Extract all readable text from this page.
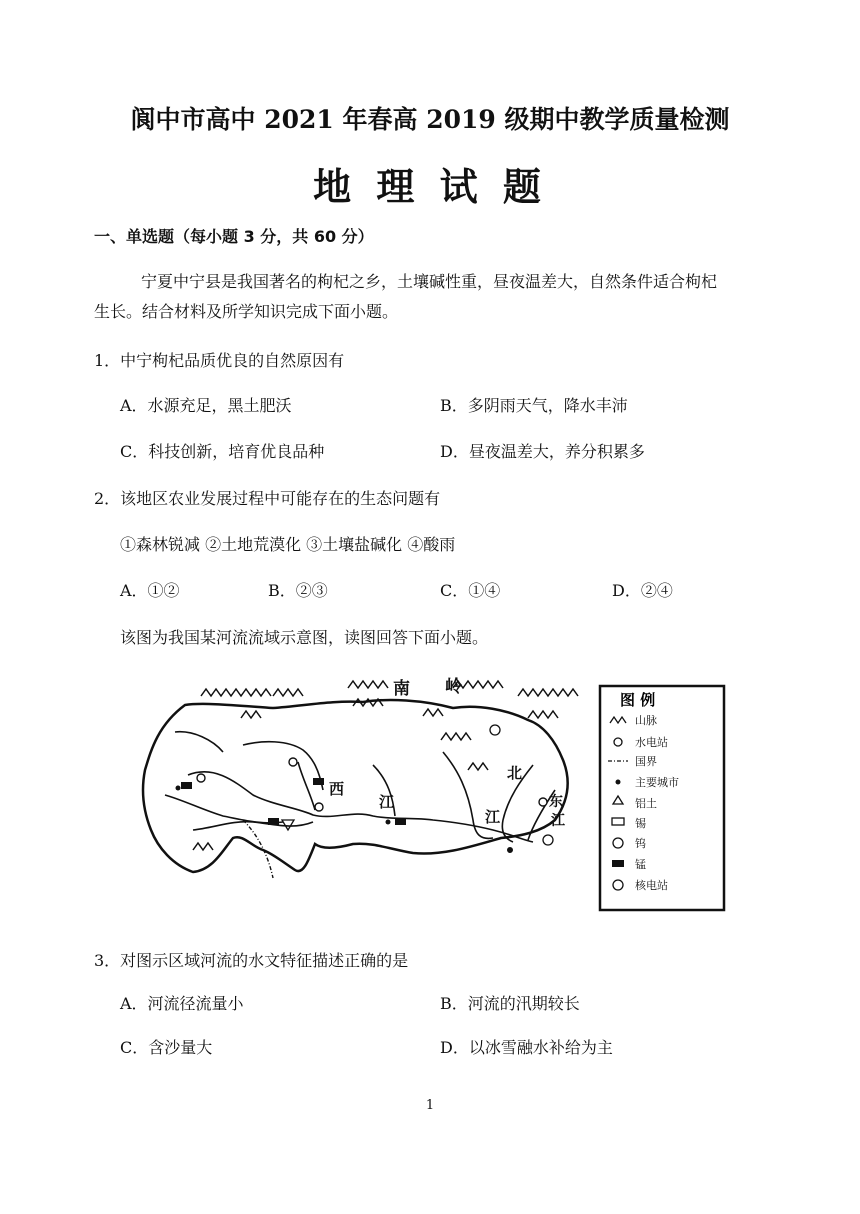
阆中市高中 2021 年春高 2019 级期中教学质量检测
地 理 试 题
一、单选题（每小题 3 分，共 60 分）
宁夏中宁县是我国著名的枸杞之乡，土壤碱性重，昼夜温差大，自然条件适合枸杞
生长。结合材料及所学知识完成下面小题。
1．中宁枸杞品质优良的自然原因有
A．水源充足，黑土肥沃	B．多阴雨天气，降水丰沛
C．科技创新，培育优良品种	D．昼夜温差大，养分积累多
2．该地区农业发展过程中可能存在的生态问题有
①森林锐减 ②土地荒漠化 ③土壤盐碱化 ④酸雨
A．①②	B．②③	C．①④	D．②④
该图为我国某河流流域示意图，读图回答下面小题。
南 岭
西
江
北
江
东
江
图 例
山脉
水电站
国界
主要城市
铝土
锡
钨
锰
核电站
3．对图示区域河流的水文特征描述正确的是
A．河流径流量小	B．河流的汛期较长
C．含沙量大	D．以冰雪融水补给为主
1
